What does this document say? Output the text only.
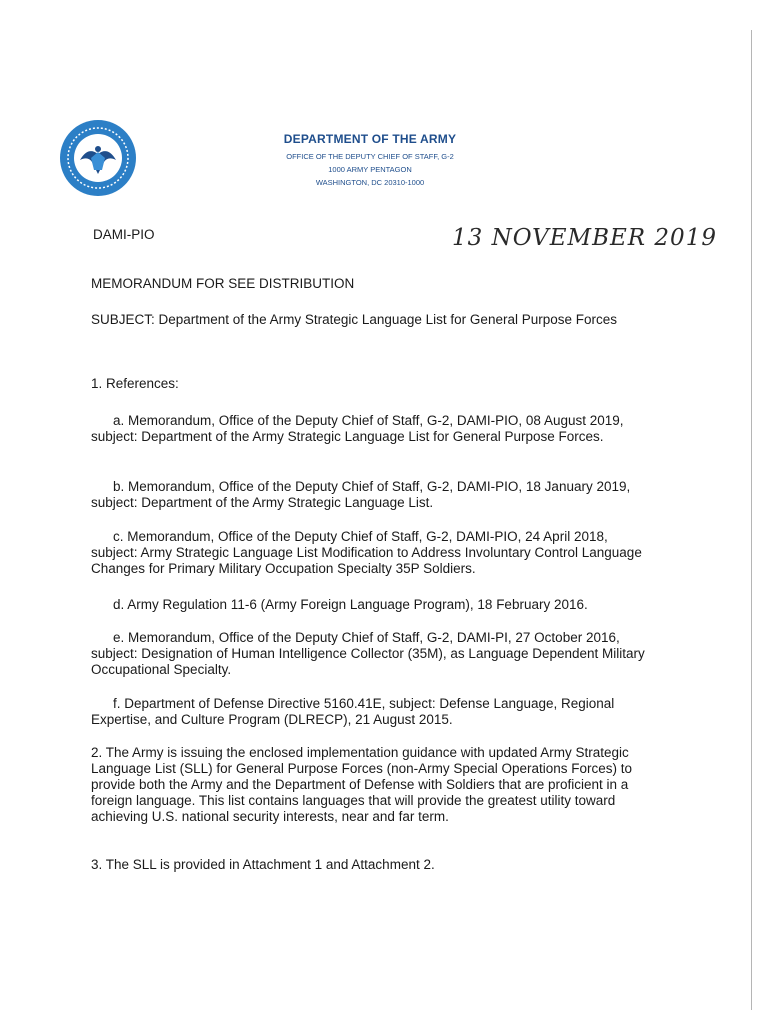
DEPARTMENT OF THE ARMY
OFFICE OF THE DEPUTY CHIEF OF STAFF, G-2
1000 ARMY PENTAGON
WASHINGTON, DC 20310-1000
DAMI-PIO	13 NOVEMBER 2019

MEMORANDUM FOR SEE DISTRIBUTION

SUBJECT: Department of the Army Strategic Language List for General Purpose Forces

1. References:

a. Memorandum, Office of the Deputy Chief of Staff, G-2, DAMI-PIO, 08 August 2019, subject: Department of the Army Strategic Language List for General Purpose Forces.

b. Memorandum, Office of the Deputy Chief of Staff, G-2, DAMI-PIO, 18 January 2019, subject: Department of the Army Strategic Language List.

c. Memorandum, Office of the Deputy Chief of Staff, G-2, DAMI-PIO, 24 April 2018, subject: Army Strategic Language List Modification to Address Involuntary Control Language Changes for Primary Military Occupation Specialty 35P Soldiers.

d. Army Regulation 11-6 (Army Foreign Language Program), 18 February 2016.

e. Memorandum, Office of the Deputy Chief of Staff, G-2, DAMI-PI, 27 October 2016, subject: Designation of Human Intelligence Collector (35M), as Language Dependent Military Occupational Specialty.

f. Department of Defense Directive 5160.41E, subject: Defense Language, Regional Expertise, and Culture Program (DLRECP), 21 August 2015.

2. The Army is issuing the enclosed implementation guidance with updated Army Strategic Language List (SLL) for General Purpose Forces (non-Army Special Operations Forces) to provide both the Army and the Department of Defense with Soldiers that are proficient in a foreign language. This list contains languages that will provide the greatest utility toward achieving U.S. national security interests, near and far term.

3. The SLL is provided in Attachment 1 and Attachment 2.
